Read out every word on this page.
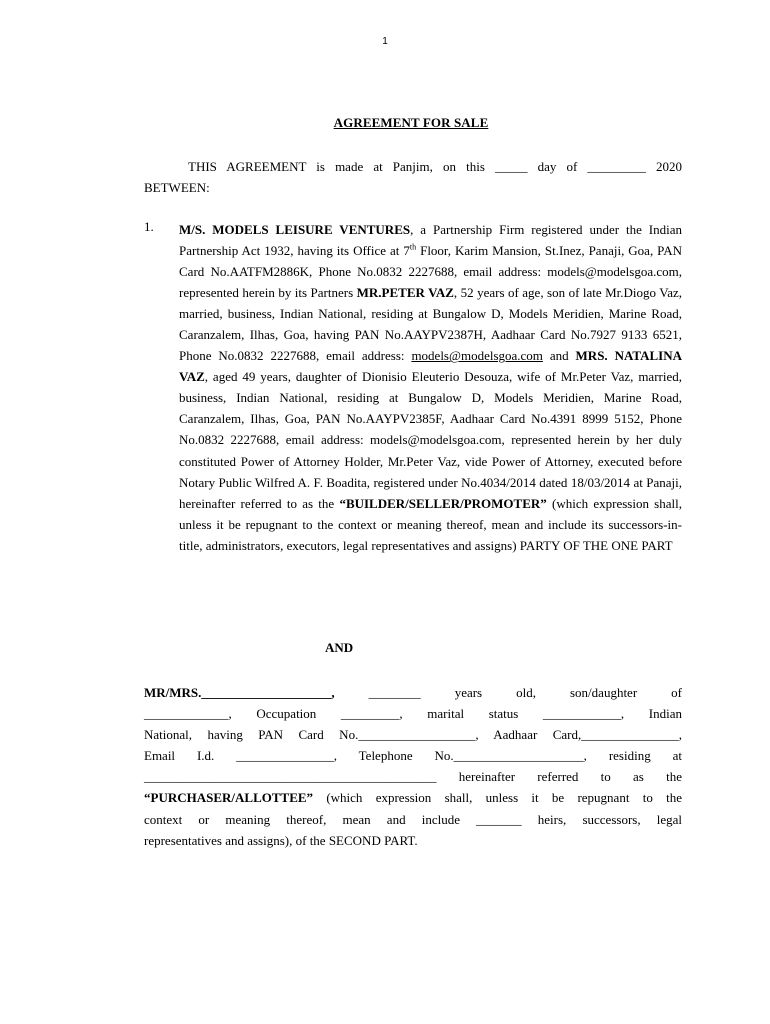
1
AGREEMENT FOR SALE
THIS AGREEMENT is made at Panjim, on this _____ day of _________ 2020
BETWEEN:
1. M/S. MODELS LEISURE VENTURES, a Partnership Firm registered under the Indian Partnership Act 1932, having its Office at 7th Floor, Karim Mansion, St.Inez, Panaji, Goa, PAN Card No.AATFM2886K, Phone No.0832 2227688, email address: models@modelsgoa.com, represented herein by its Partners MR.PETER VAZ, 52 years of age, son of late Mr.Diogo Vaz, married, business, Indian National, residing at Bungalow D, Models Meridien, Marine Road, Caranzalem, Ilhas, Goa, having PAN No.AAYPV2387H, Aadhaar Card No.7927 9133 6521, Phone No.0832 2227688, email address: models@modelsgoa.com and MRS. NATALINA VAZ, aged 49 years, daughter of Dionisio Eleuterio Desouza, wife of Mr.Peter Vaz, married, business, Indian National, residing at Bungalow D, Models Meridien, Marine Road, Caranzalem, Ilhas, Goa, PAN No.AAYPV2385F, Aadhaar Card No.4391 8999 5152, Phone No.0832 2227688, email address: models@modelsgoa.com, represented herein by her duly constituted Power of Attorney Holder, Mr.Peter Vaz, vide Power of Attorney, executed before Notary Public Wilfred A. F. Boadita, registered under No.4034/2014 dated 18/03/2014 at Panaji, hereinafter referred to as the “BUILDER/SELLER/PROMOTER” (which expression shall, unless it be repugnant to the context or meaning thereof, mean and include its successors-in-title, administrators, executors, legal representatives and assigns) PARTY OF THE ONE PART
AND
MR/MRS.____________________, ________ years old, son/daughter of
_____________, Occupation _________, marital status ____________, Indian
National, having PAN Card No.__________________, Aadhaar Card,_______________,
Email I.d. _______________, Telephone No.____________________, residing at
_____________________________________________ hereinafter referred to as the
“PURCHASER/ALLOTTEE” (which expression shall, unless it be repugnant to the
context or meaning thereof, mean and include _______ heirs, successors, legal
representatives and assigns), of the SECOND PART.
